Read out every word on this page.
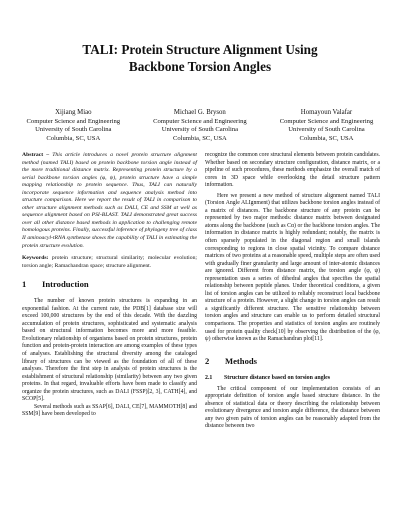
TALI: Protein Structure Alignment Using
Backbone Torsion Angles
Xijiang Miao
Computer Science and Engineering
University of South Carolina
Columbia, SC, USA
Michael G. Bryson
Computer Science and Engineering
University of South Carolina
Columbia, SC, USA
Homayoun Valafar
Computer Science and Engineering
University of South Carolina
Columbia, SC, USA

Abstract – This article introduces a novel protein structure alignment method (named TALI) based on protein backbone torsion angle instead of the more traditional distance matrix. Representing protein structure by a serial backbone torsion angles (φ, ψ), protein structure have a simple mapping relationship to protein sequence. Thus, TALI can naturally incorporate sequence information and sequence analysis method into structure comparison. Here we report the result of TALI in comparison to other structure alignment methods such as DALI, CE and SSM at well as sequence alignment based on PSI-BLAST. TALI demonstrated great success over all other distance based methods in application to challenging remote homologous proteins. Finally, successful inference of phylogeny tree of class II aminoacyl-tRNA synthetase shows the capability of TALI in estimating the protein structure evolution.

Keywords: protein structure; structural similarity; molecular evolution; torsion angle; Ramachandran space; structure alignment.

1 Introduction

The number of known protein structures is expanding in an exponential fashion. At the current rate, the PDB[1] database size will exceed 100,000 structures by the end of this decade. With the dazzling accumulation of protein structures, sophisticated and systematic analysis based on structural information becomes more and more feasible. Evolutionary relationship of organisms based on protein structures, protein function and protein-protein interaction are among examples of these types of analyses. Establishing the structural diversity among the cataloged library of structures can be viewed as the foundation of all of these analyses. Therefore the first step in analysis of protein structures is the establishment of structural relationship (similarity) between any two given proteins. In that regard, invaluable efforts have been made to classify and organize the protein structures, such as DALI (FSSP)[2, 3], CATH[4], and SCOP[5].

Several methods such as SSAP[6], DALI, CE[7], MAMMOTH[8] and SSM[9] have been developed to

recognize the common core structural elements between protein candidates. Whether based on secondary structure configuration, distance matrix, or a pipeline of such procedures, these methods emphasize the overall match of cores in 3D space while overlooking the detail structure pattern information.

Here we present a new method of structure alignment named TALI (Torsion Angle ALIgnment) that utilizes backbone torsion angles instead of a matrix of distances. The backbone structure of any protein can be represented by two major methods: distance matrix between designated atoms along the backbone (such as Cα) or the backbone torsion angles. The information in distance matrix is highly redundant; notably, the matrix is often sparsely populated in the diagonal region and small islands corresponding to regions in close spatial vicinity. To compare distance matrices of two proteins at a reasonable speed, multiple steps are often used with gradually finer granularity and large amount of inter-atomic distances are ignored. Different from distance matrix, the torsion angle (φ, ψ) representation uses a series of dihedral angles that specifies the spatial relationship between peptide planes. Under theoretical conditions, a given list of torsion angles can be utilized to reliably reconstruct local backbone structure of a protein. However, a slight change in torsion angles can result a significantly different structure. The sensitive relationship between torsion angles and structure can enable us to perform detailed structural comparisons. The properties and statistics of torsion angles are routinely used for protein quality check[10] by observing the distribution of the (φ, ψ) otherwise known as the Ramachandran plot[11].

2 Methods
2.1 Structure distance based on torsion angles

The critical component of our implementation consists of an appropriate definition of torsion angle based structure distance. In the absence of statistical data or theory describing the relationship between evolutionary divergence and torsion angle difference, the distance between any two given pairs of torsion angles can be reasonably adapted from the distance between two
